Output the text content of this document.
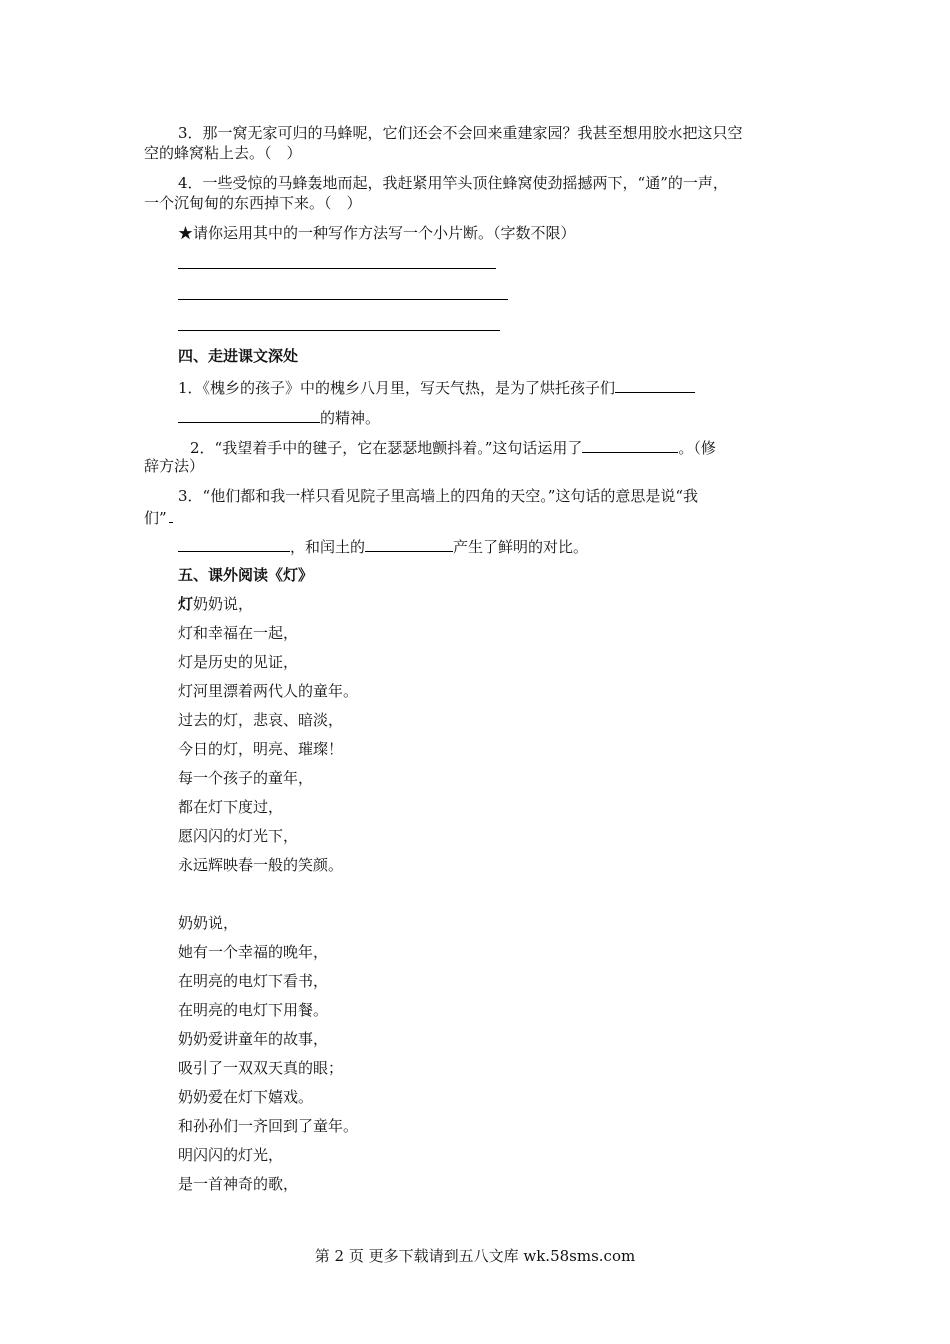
3．那一窝无家可归的马蜂呢，它们还会不会回来重建家园？我甚至想用胶水把这只空
空的蜂窝粘上去。（　）
4．一些受惊的马蜂轰地而起，我赶紧用竿头顶住蜂窝使劲摇撼两下，“通”的一声，
一个沉甸甸的东西掉下来。（　）
★请你运用其中的一种写作方法写一个小片断。（字数不限）
四、走进课文深处
1．《槐乡的孩子》中的槐乡八月里，写天气热，是为了烘托孩子们
的精神。
2．“我望着手中的毽子，它在瑟瑟地颤抖着。”这句话运用了	。（修
辞方法）
3．“他们都和我一样只看见院子里高墙上的四角的天空。”这句话的意思是说“我
们”
，和闰土的	产生了鲜明的对比。
五、课外阅读《灯》
灯奶奶说，
灯和幸福在一起，
灯是历史的见证，
灯河里漂着两代人的童年。
过去的灯，悲哀、暗淡，
今日的灯，明亮、璀璨！
每一个孩子的童年，
都在灯下度过，
愿闪闪的灯光下，
永远辉映春一般的笑颜。
奶奶说，
她有一个幸福的晚年，
在明亮的电灯下看书，
在明亮的电灯下用餐。
奶奶爱讲童年的故事，
吸引了一双双天真的眼；
奶奶爱在灯下嬉戏。
和孙孙们一齐回到了童年。
明闪闪的灯光，
是一首神奇的歌，
第 2 页 更多下载请到五八文库 wk.58sms.com
